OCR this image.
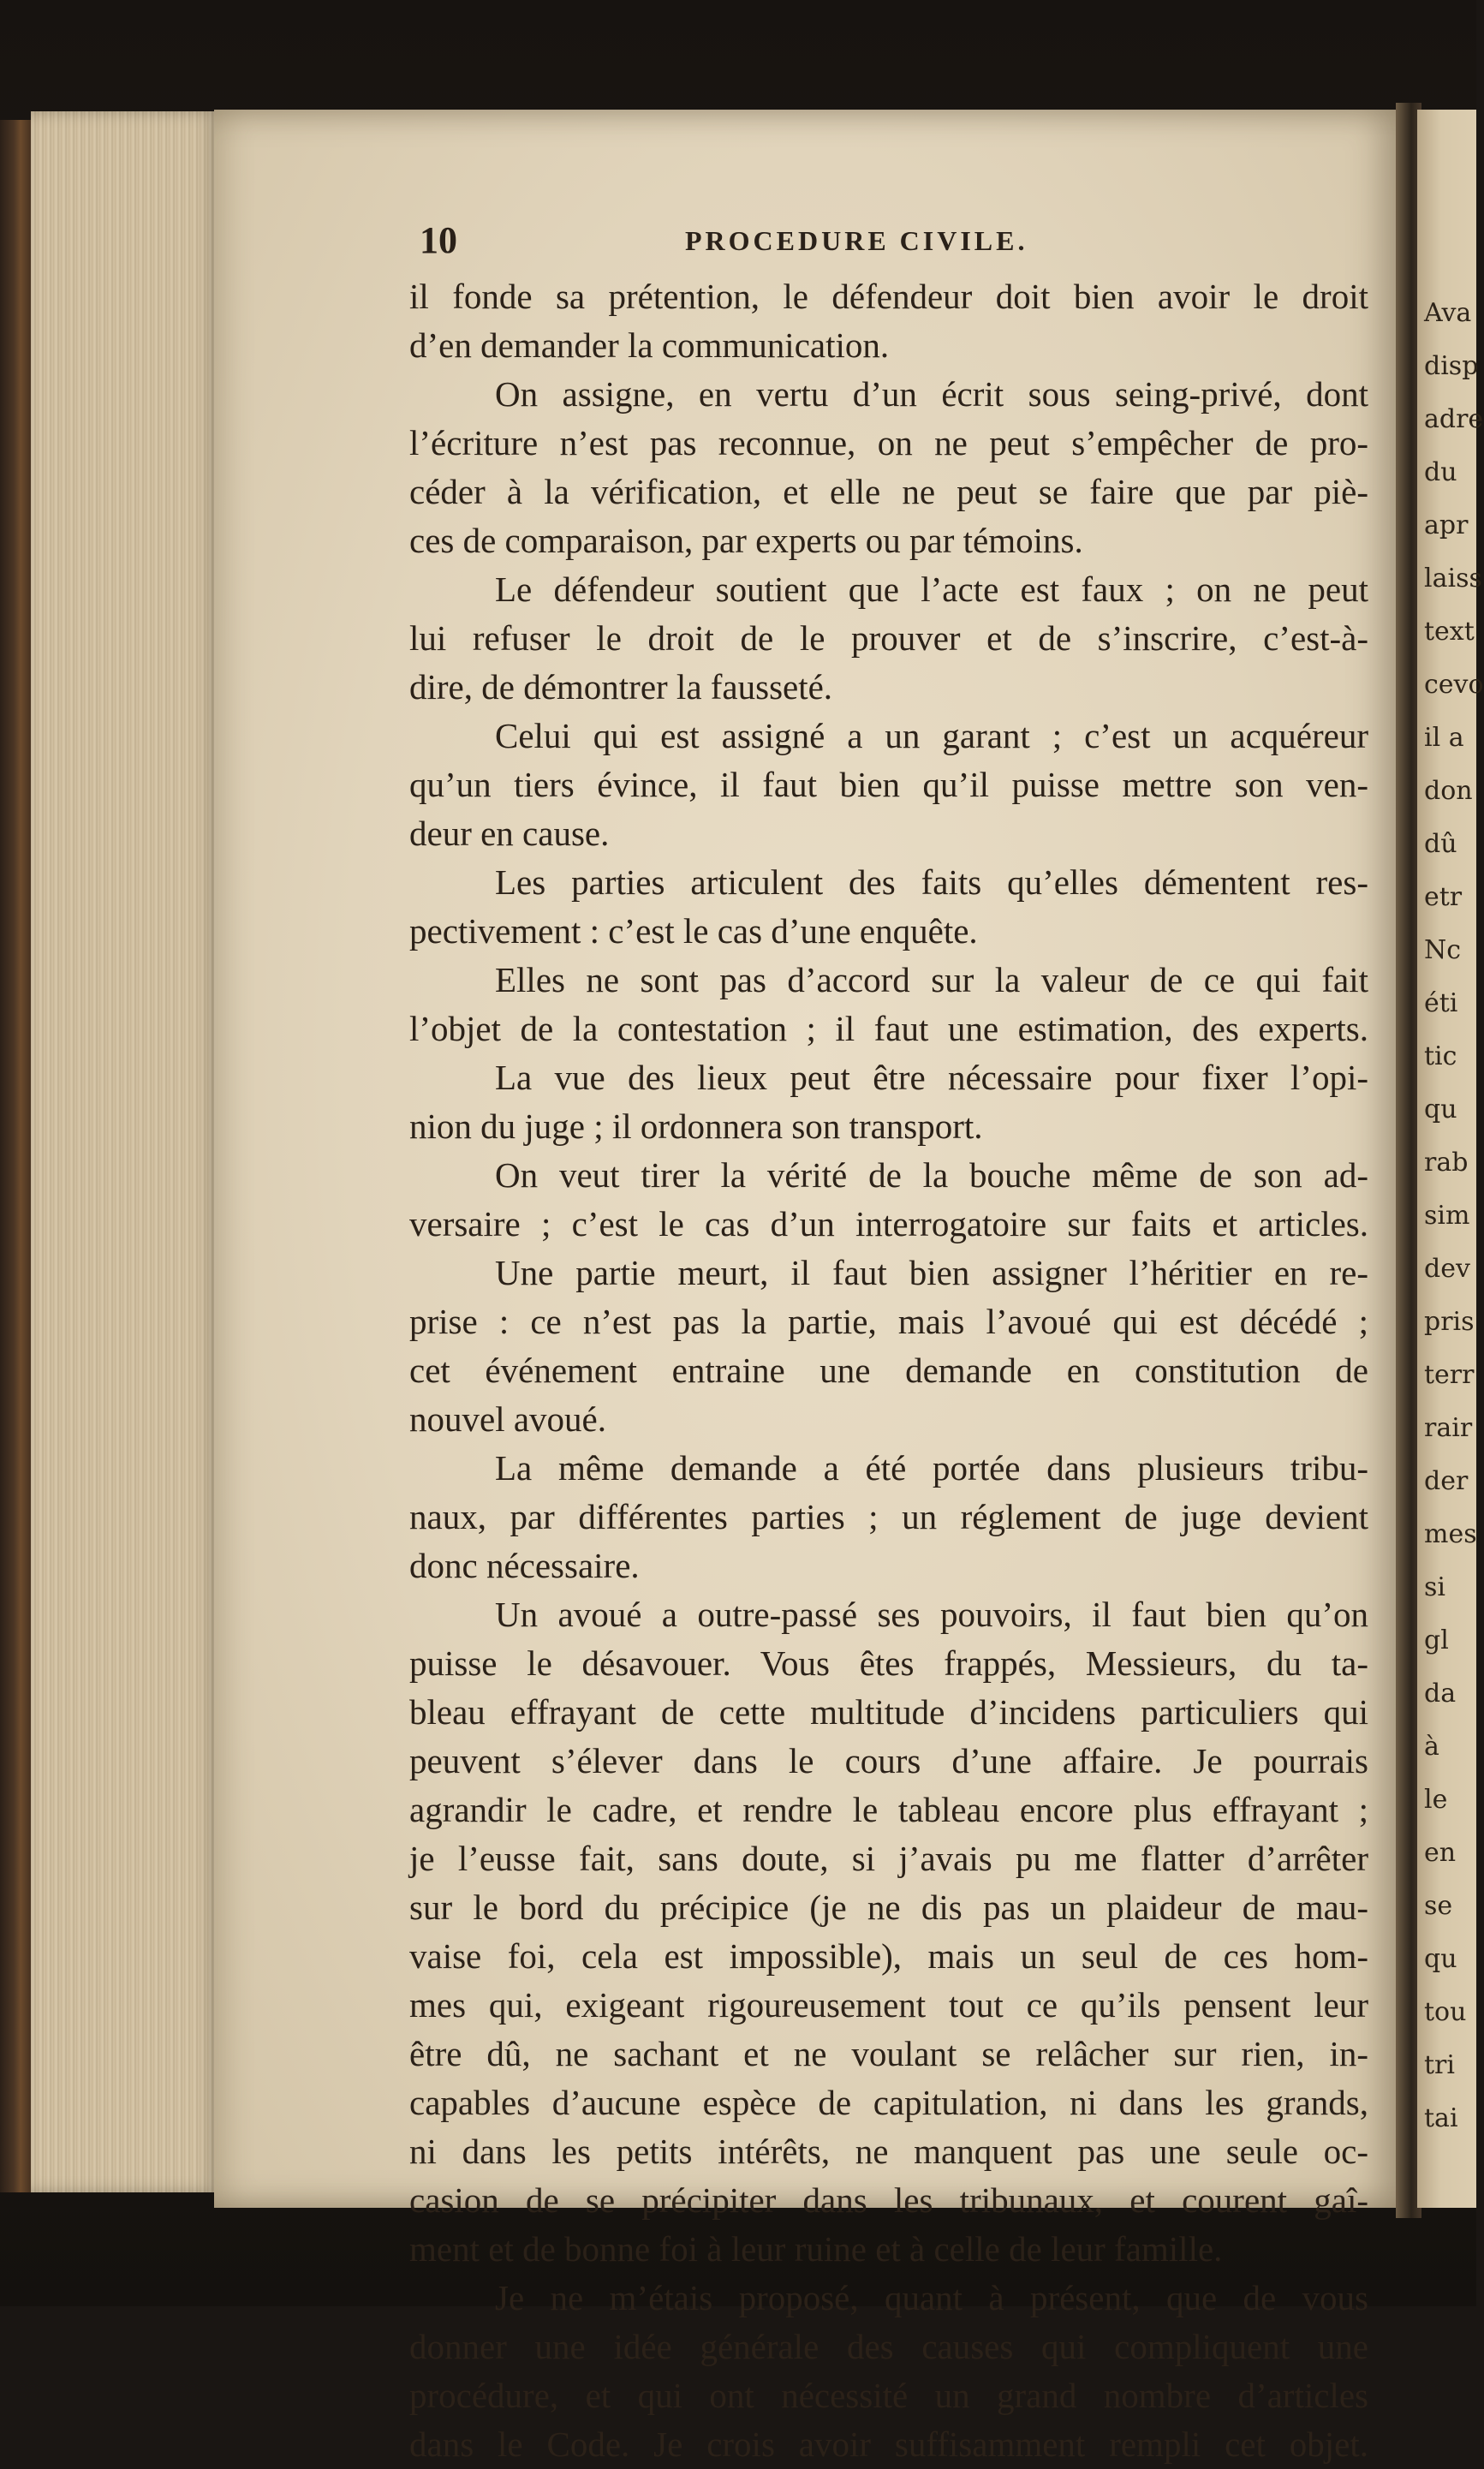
10	PROCEDURE CIVILE.
il fonde sa prétention, le défendeur doit bien avoir le droit
d’en demander la communication.
On assigne, en vertu d’un écrit sous seing-privé, dont
l’écriture n’est pas reconnue, on ne peut s’empêcher de pro-
céder à la vérification, et elle ne peut se faire que par piè-
ces de comparaison, par experts ou par témoins.
Le défendeur soutient que l’acte est faux ; on ne peut
lui refuser le droit de le prouver et de s’inscrire, c’est-à-
dire, de démontrer la fausseté.
Celui qui est assigné a un garant ; c’est un acquéreur
qu’un tiers évince, il faut bien qu’il puisse mettre son ven-
deur en cause.
Les parties articulent des faits qu’elles démentent res-
pectivement : c’est le cas d’une enquête.
Elles ne sont pas d’accord sur la valeur de ce qui fait
l’objet de la contestation ; il faut une estimation, des experts.
La vue des lieux peut être nécessaire pour fixer l’opi-
nion du juge ; il ordonnera son transport.
On veut tirer la vérité de la bouche même de son ad-
versaire ; c’est le cas d’un interrogatoire sur faits et articles.
Une partie meurt, il faut bien assigner l’héritier en re-
prise : ce n’est pas la partie, mais l’avoué qui est décédé ;
cet événement entraine une demande en constitution de
nouvel avoué.
La même demande a été portée dans plusieurs tribu-
naux, par différentes parties ; un réglement de juge devient
donc nécessaire.
Un avoué a outre-passé ses pouvoirs, il faut bien qu’on
puisse le désavouer. Vous êtes frappés, Messieurs, du ta-
bleau effrayant de cette multitude d’incidens particuliers qui
peuvent s’élever dans le cours d’une affaire. Je pourrais
agrandir le cadre, et rendre le tableau encore plus effrayant ;
je l’eusse fait, sans doute, si j’avais pu me flatter d’arrêter
sur le bord du précipice (je ne dis pas un plaideur de mau-
vaise foi, cela est impossible), mais un seul de ces hom-
mes qui, exigeant rigoureusement tout ce qu’ils pensent leur
être dû, ne sachant et ne voulant se relâcher sur rien, in-
capables d’aucune espèce de capitulation, ni dans les grands,
ni dans les petits intérêts, ne manquent pas une seule oc-
casion de se précipiter dans les tribunaux, et courent gaî-
ment et de bonne foi à leur ruine et à celle de leur famille.
Je ne m’étais proposé, quant à présent, que de vous
donner une idée générale des causes qui compliquent une
procédure, et qui ont nécessité un grand nombre d’articles
dans le Code. Je crois avoir suffisamment rempli cet objet.
Ava
disp
adre
du
apr
laiss
text
cevo
il a
don
dû
etr
Nc
éti
tic
qu
rab
sim
dev
pris
terr
rair
der
mes
si
gl
da
à
le
en
se
qu
tou
tri
tai
